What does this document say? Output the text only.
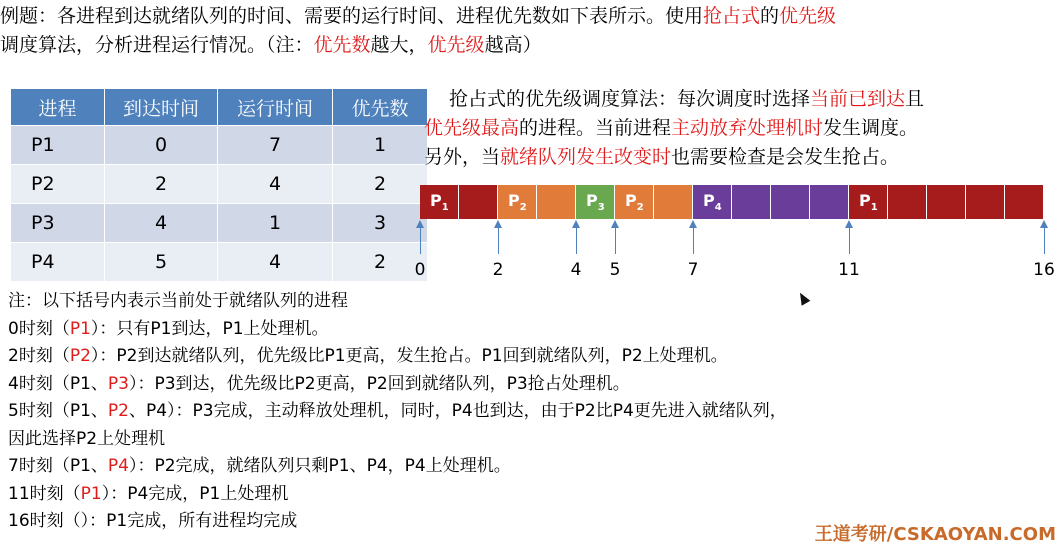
例题：各进程到达就绪队列的时间、需要的运行时间、进程优先数如下表所示。使用抢占式的优先级
调度算法，分析进程运行情况。（注：优先数越大，优先级越高）
进程	到达时间	运行时间	优先数
P1	0	7	1
P2	2	4	2
P3	4	1	3
P4	5	4	2
抢占式的优先级调度算法：每次调度时选择当前已到达且
优先级最高的进程。当前进程主动放弃处理机时发生调度。
另外，当就绪队列发生改变时也需要检查是会发生抢占。
$P_1$	$P_2$	$P_3$ $P_2$	$P_4$	$P_1$
0	2	4	5	7	11	16
注：以下括号内表示当前处于就绪队列的进程
0时刻（P1）：只有P1到达，P1上处理机。
2时刻（P2）：P2到达就绪队列，优先级比P1更高，发生抢占。P1回到就绪队列，P2上处理机。
4时刻（P1、P3）：P3到达，优先级比P2更高，P2回到就绪队列，P3抢占处理机。
5时刻（P1、P2、P4）：P3完成，主动释放处理机，同时，P4也到达，由于P2比P4更先进入就绪队列，
因此选择P2上处理机
7时刻（P1、P4）：P2完成，就绪队列只剩P1、P4，P4上处理机。
11时刻（P1）：P4完成，P1上处理机
16时刻（）：P1完成，所有进程均完成
王道考研/CSKAOYAN.COM
